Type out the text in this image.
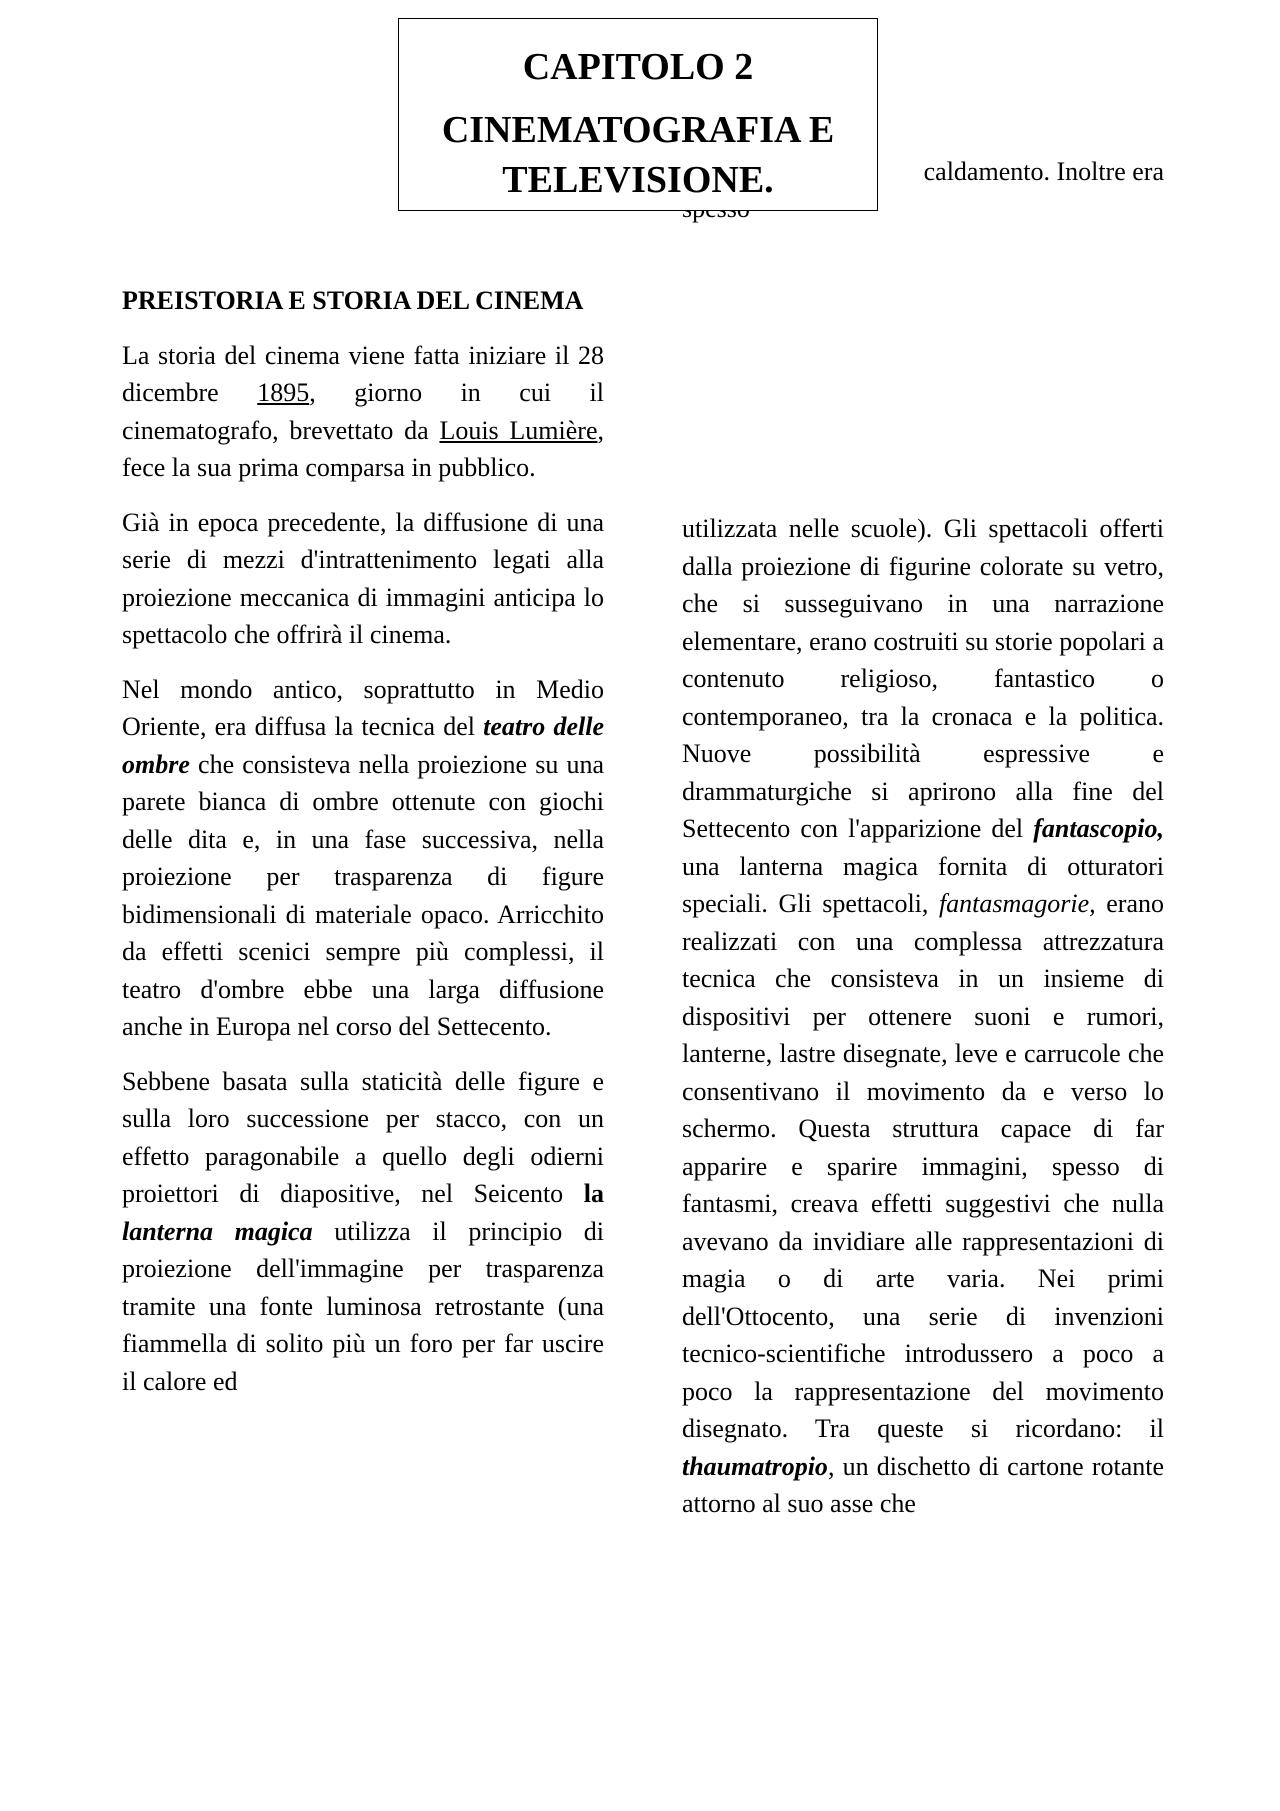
CAPITOLO 2
CINEMATOGRAFIA E TELEVISIONE.	caldamento. Inoltre era

PREISTORIA E STORIA DEL CINEMA

La storia del cinema viene fatta iniziare il 28 dicembre 1895, giorno in cui il cinematografo, brevettato da Louis Lumière, fece la sua prima comparsa in pubblico.

Già in epoca precedente, la diffusione di una serie di mezzi d'intrattenimento legati alla proiezione meccanica di immagini anticipa lo spettacolo che offrirà il cinema.

Nel mondo antico, soprattutto in Medio Oriente, era diffusa la tecnica del teatro delle ombre che consisteva nella proiezione su una parete bianca di ombre ottenute con giochi delle dita e, in una fase successiva, nella proiezione per trasparenza di figure bidimensionali di materiale opaco. Arricchito da effetti scenici sempre più complessi, il teatro d'ombre ebbe una larga diffusione anche in Europa nel corso del Settecento.

Sebbene basata sulla staticità delle figure e sulla loro successione per stacco, con un effetto paragonabile a quello degli odierni proiettori di diapositive, nel Seicento la lanterna magica utilizza il principio di proiezione dell'immagine per trasparenza tramite una fonte luminosa retrostante (una fiammella di solito più un foro per far uscire il calore ed

utilizzata nelle scuole). Gli spettacoli offerti dalla proiezione di figurine colorate su vetro, che si susseguivano in una narrazione elementare, erano costruiti su storie popolari a contenuto religioso, fantastico o contemporaneo, tra la cronaca e la politica. Nuove possibilità espressive e drammaturgiche si aprirono alla fine del Settecento con l'apparizione del fantascopio, una lanterna magica fornita di otturatori speciali. Gli spettacoli, fantasmagorie, erano realizzati con una complessa attrezzatura tecnica che consisteva in un insieme di dispositivi per ottenere suoni e rumori, lanterne, lastre disegnate, leve e carrucole che consentivano il movimento da e verso lo schermo. Questa struttura capace di far apparire e sparire immagini, spesso di fantasmi, creava effetti suggestivi che nulla avevano da invidiare alle rappresentazioni di magia o di arte varia. Nei primi dell'Ottocento, una serie di invenzioni tecnico-scientifiche introdussero a poco a poco la rappresentazione del movimento disegnato. Tra queste si ricordano: il thaumatropio, un dischetto di cartone rotante attorno al suo asse che
